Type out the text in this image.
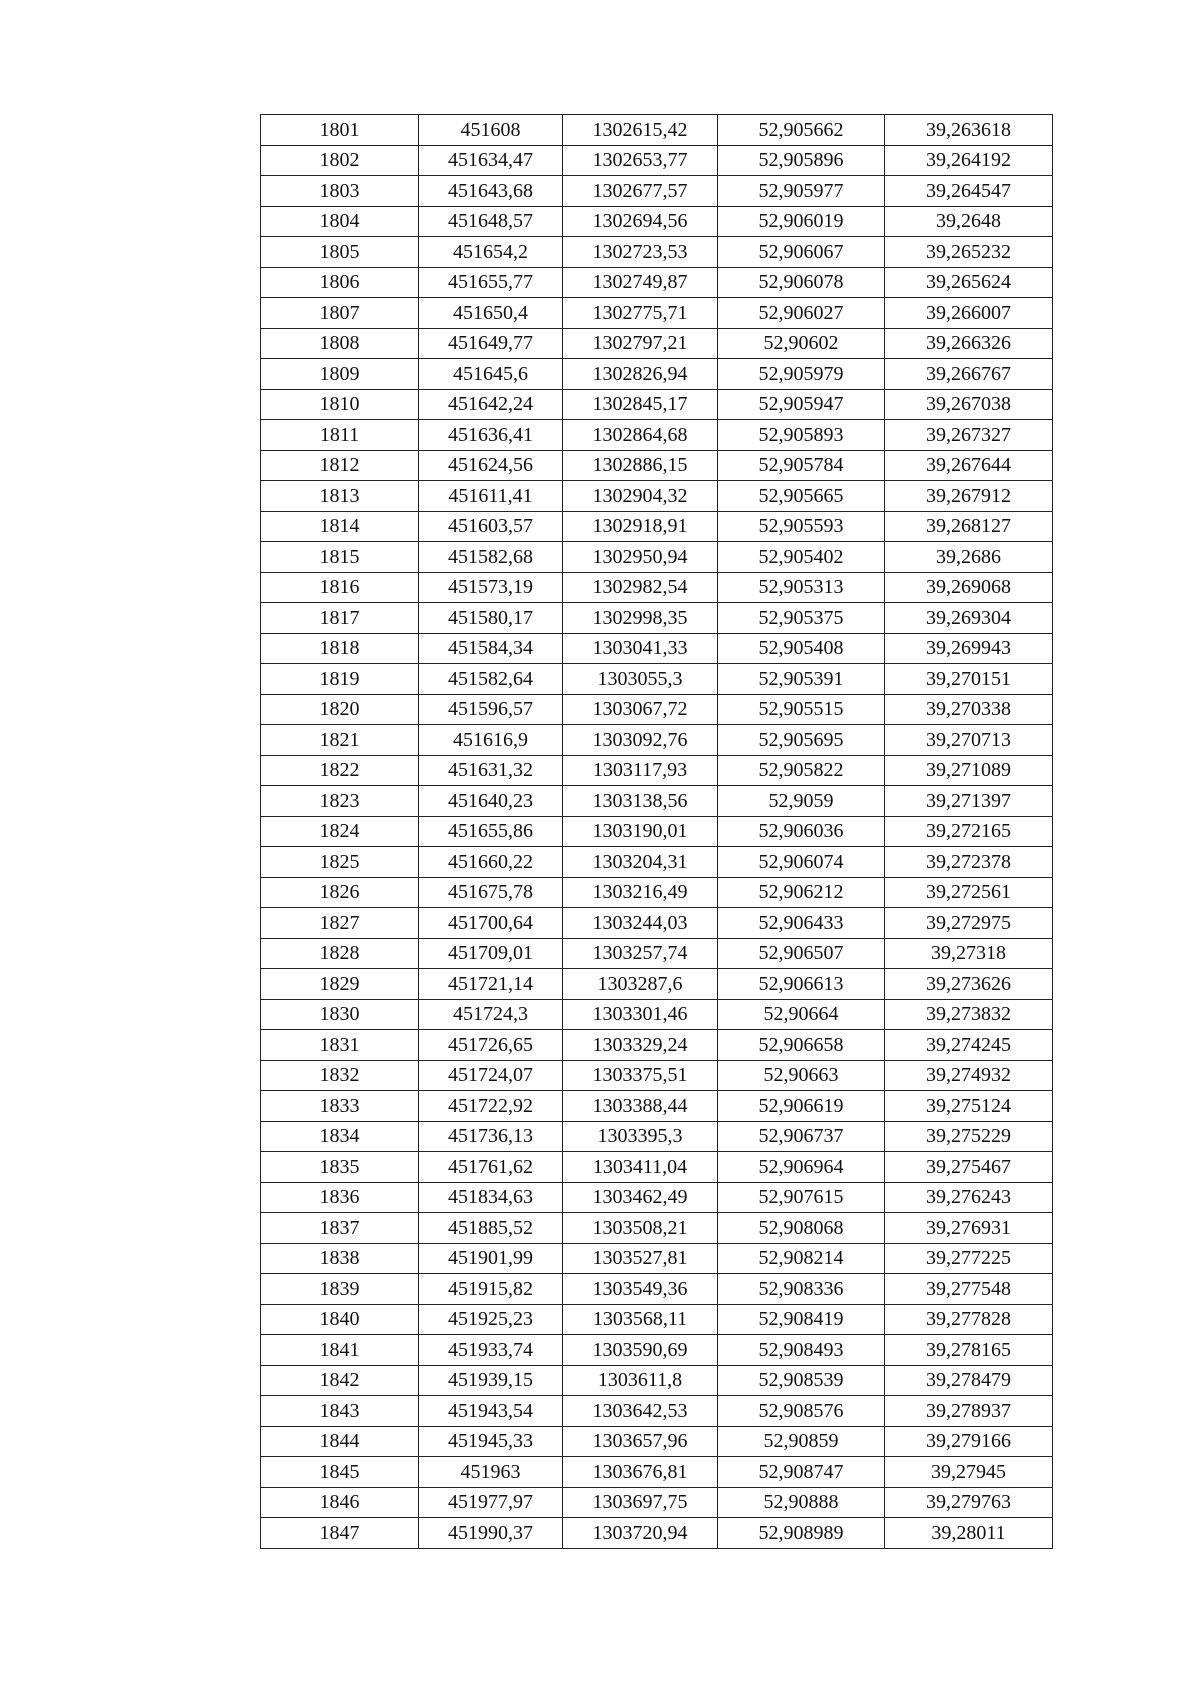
1801	451608	1302615,42	52,905662	39,263618
1802	451634,47	1302653,77	52,905896	39,264192
1803	451643,68	1302677,57	52,905977	39,264547
1804	451648,57	1302694,56	52,906019	39,2648
1805	451654,2	1302723,53	52,906067	39,265232
1806	451655,77	1302749,87	52,906078	39,265624
1807	451650,4	1302775,71	52,906027	39,266007
1808	451649,77	1302797,21	52,90602	39,266326
1809	451645,6	1302826,94	52,905979	39,266767
1810	451642,24	1302845,17	52,905947	39,267038
1811	451636,41	1302864,68	52,905893	39,267327
1812	451624,56	1302886,15	52,905784	39,267644
1813	451611,41	1302904,32	52,905665	39,267912
1814	451603,57	1302918,91	52,905593	39,268127
1815	451582,68	1302950,94	52,905402	39,2686
1816	451573,19	1302982,54	52,905313	39,269068
1817	451580,17	1302998,35	52,905375	39,269304
1818	451584,34	1303041,33	52,905408	39,269943
1819	451582,64	1303055,3	52,905391	39,270151
1820	451596,57	1303067,72	52,905515	39,270338
1821	451616,9	1303092,76	52,905695	39,270713
1822	451631,32	1303117,93	52,905822	39,271089
1823	451640,23	1303138,56	52,9059	39,271397
1824	451655,86	1303190,01	52,906036	39,272165
1825	451660,22	1303204,31	52,906074	39,272378
1826	451675,78	1303216,49	52,906212	39,272561
1827	451700,64	1303244,03	52,906433	39,272975
1828	451709,01	1303257,74	52,906507	39,27318
1829	451721,14	1303287,6	52,906613	39,273626
1830	451724,3	1303301,46	52,90664	39,273832
1831	451726,65	1303329,24	52,906658	39,274245
1832	451724,07	1303375,51	52,90663	39,274932
1833	451722,92	1303388,44	52,906619	39,275124
1834	451736,13	1303395,3	52,906737	39,275229
1835	451761,62	1303411,04	52,906964	39,275467
1836	451834,63	1303462,49	52,907615	39,276243
1837	451885,52	1303508,21	52,908068	39,276931
1838	451901,99	1303527,81	52,908214	39,277225
1839	451915,82	1303549,36	52,908336	39,277548
1840	451925,23	1303568,11	52,908419	39,277828
1841	451933,74	1303590,69	52,908493	39,278165
1842	451939,15	1303611,8	52,908539	39,278479
1843	451943,54	1303642,53	52,908576	39,278937
1844	451945,33	1303657,96	52,90859	39,279166
1845	451963	1303676,81	52,908747	39,27945
1846	451977,97	1303697,75	52,90888	39,279763
1847	451990,37	1303720,94	52,908989	39,28011
